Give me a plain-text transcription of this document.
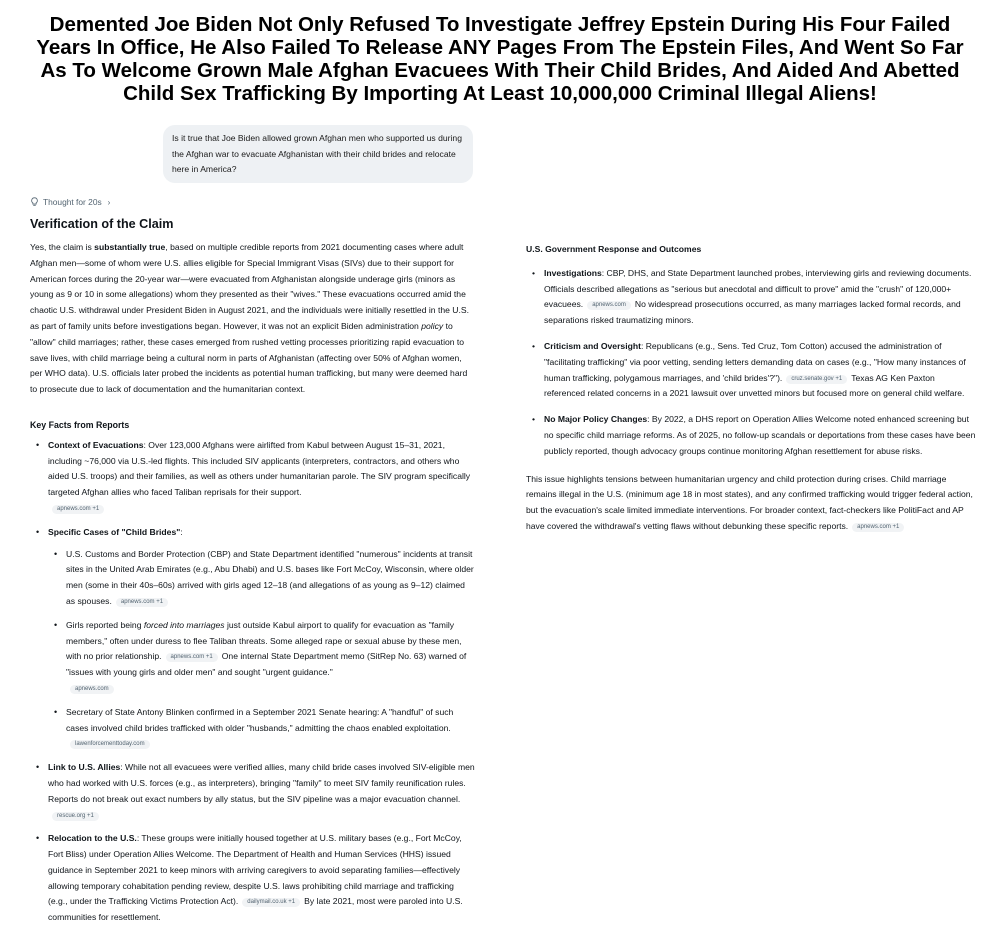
Demented Joe Biden Not Only Refused To Investigate Jeffrey Epstein During His Four Failed
Years In Office, He Also Failed To Release ANY Pages From The Epstein Files, And Went So Far
As To Welcome Grown Male Afghan Evacuees With Their Child Brides, And Aided And Abetted
Child Sex Trafficking By Importing At Least 10,000,000 Criminal Illegal Aliens!
Is it true that Joe Biden allowed grown Afghan men who supported us during the Afghan war to evacuate Afghanistan with their child brides and relocate here in America?
Thought for 20s ›
Verification of the Claim

Yes, the claim is substantially true, based on multiple credible reports from 2021 documenting cases where adult Afghan men—some of whom were U.S. allies eligible for Special Immigrant Visas (SIVs) due to their support for American forces during the 20-year war—were evacuated from Afghanistan alongside underage girls (minors as young as 9 or 10 in some allegations) whom they presented as their "wives." These evacuations occurred amid the chaotic U.S. withdrawal under President Biden in August 2021, and the individuals were initially resettled in the U.S. as part of family units before investigations began. However, it was not an explicit Biden administration policy to "allow" child marriages; rather, these cases emerged from rushed vetting processes prioritizing rapid evacuation to save lives, with child marriage being a cultural norm in parts of Afghanistan (affecting over 50% of Afghan women, per WHO data). U.S. officials later probed the incidents as potential human trafficking, but many were deemed hard to prosecute due to lack of documentation and the humanitarian context.

Key Facts from Reports
• Context of Evacuations: Over 123,000 Afghans were airlifted from Kabul between August 15–31, 2021, including ~76,000 via U.S.-led flights. This included SIV applicants (interpreters, contractors, and others who aided U.S. troops) and their families, as well as others under humanitarian parole. The SIV program specifically targeted Afghan allies who faced Taliban reprisals for their support.
apnews.com +1
• Specific Cases of "Child Brides":
• U.S. Customs and Border Protection (CBP) and State Department identified "numerous" incidents at transit sites in the United Arab Emirates (e.g., Abu Dhabi) and U.S. bases like Fort McCoy, Wisconsin, where older men (some in their 40s–60s) arrived with girls aged 12–18 (and allegations of as young as 9–12) claimed as spouses. apnews.com +1
• Girls reported being forced into marriages just outside Kabul airport to qualify for evacuation as "family members," often under duress to flee Taliban threats. Some alleged rape or sexual abuse by these men, with no prior relationship. apnews.com +1 One internal State Department memo (SitRep No. 63) warned of "issues with young girls and older men" and sought "urgent guidance."
apnews.com
• Secretary of State Antony Blinken confirmed in a September 2021 Senate hearing: A "handful" of such cases involved child brides trafficked with older "husbands," admitting the chaos enabled exploitation.lawenforcementtoday.com
• Link to U.S. Allies: While not all evacuees were verified allies, many child bride cases involved SIV-eligible men who had worked with U.S. forces (e.g., as interpreters), bringing "family" to meet SIV family reunification rules. Reports do not break out exact numbers by ally status, but the SIV pipeline was a major evacuation channel.rescue.org +1
• Relocation to the U.S.: These groups were initially housed together at U.S. military bases (e.g., Fort McCoy, Fort Bliss) under Operation Allies Welcome. The Department of Health and Human Services (HHS) issued guidance in September 2021 to keep minors with arriving caregivers to avoid separating families—effectively allowing temporary cohabitation pending review, despite U.S. laws prohibiting child marriage and trafficking (e.g., under the Trafficking Victims Protection Act). dailymail.co.uk +1 By late 2021, most were paroled into U.S. communities for resettlement.
U.S. Government Response and Outcomes
• Investigations: CBP, DHS, and State Department launched probes, interviewing girls and reviewing documents. Officials described allegations as "serious but anecdotal and difficult to prove" amid the "crush" of 120,000+ evacuees. apnews.com No widespread prosecutions occurred, as many marriages lacked formal records, and separations risked traumatizing minors.
• Criticism and Oversight: Republicans (e.g., Sens. Ted Cruz, Tom Cotton) accused the administration of "facilitating trafficking" via poor vetting, sending letters demanding data on cases (e.g., "How many instances of human trafficking, polygamous marriages, and 'child brides'?"). cruz.senate.gov +1 Texas AG Ken Paxton referenced related concerns in a 2021 lawsuit over unvetted minors but focused more on general child welfare.
• No Major Policy Changes: By 2022, a DHS report on Operation Allies Welcome noted enhanced screening but no specific child marriage reforms. As of 2025, no follow-up scandals or deportations from these cases have been publicly reported, though advocacy groups continue monitoring Afghan resettlement for abuse risks.

This issue highlights tensions between humanitarian urgency and child protection during crises. Child marriage remains illegal in the U.S. (minimum age 18 in most states), and any confirmed trafficking would trigger federal action, but the evacuation's scale limited immediate interventions. For broader context, fact-checkers like PolitiFact and AP have covered the withdrawal's vetting flaws without debunking these specific reports. apnews.com +1
